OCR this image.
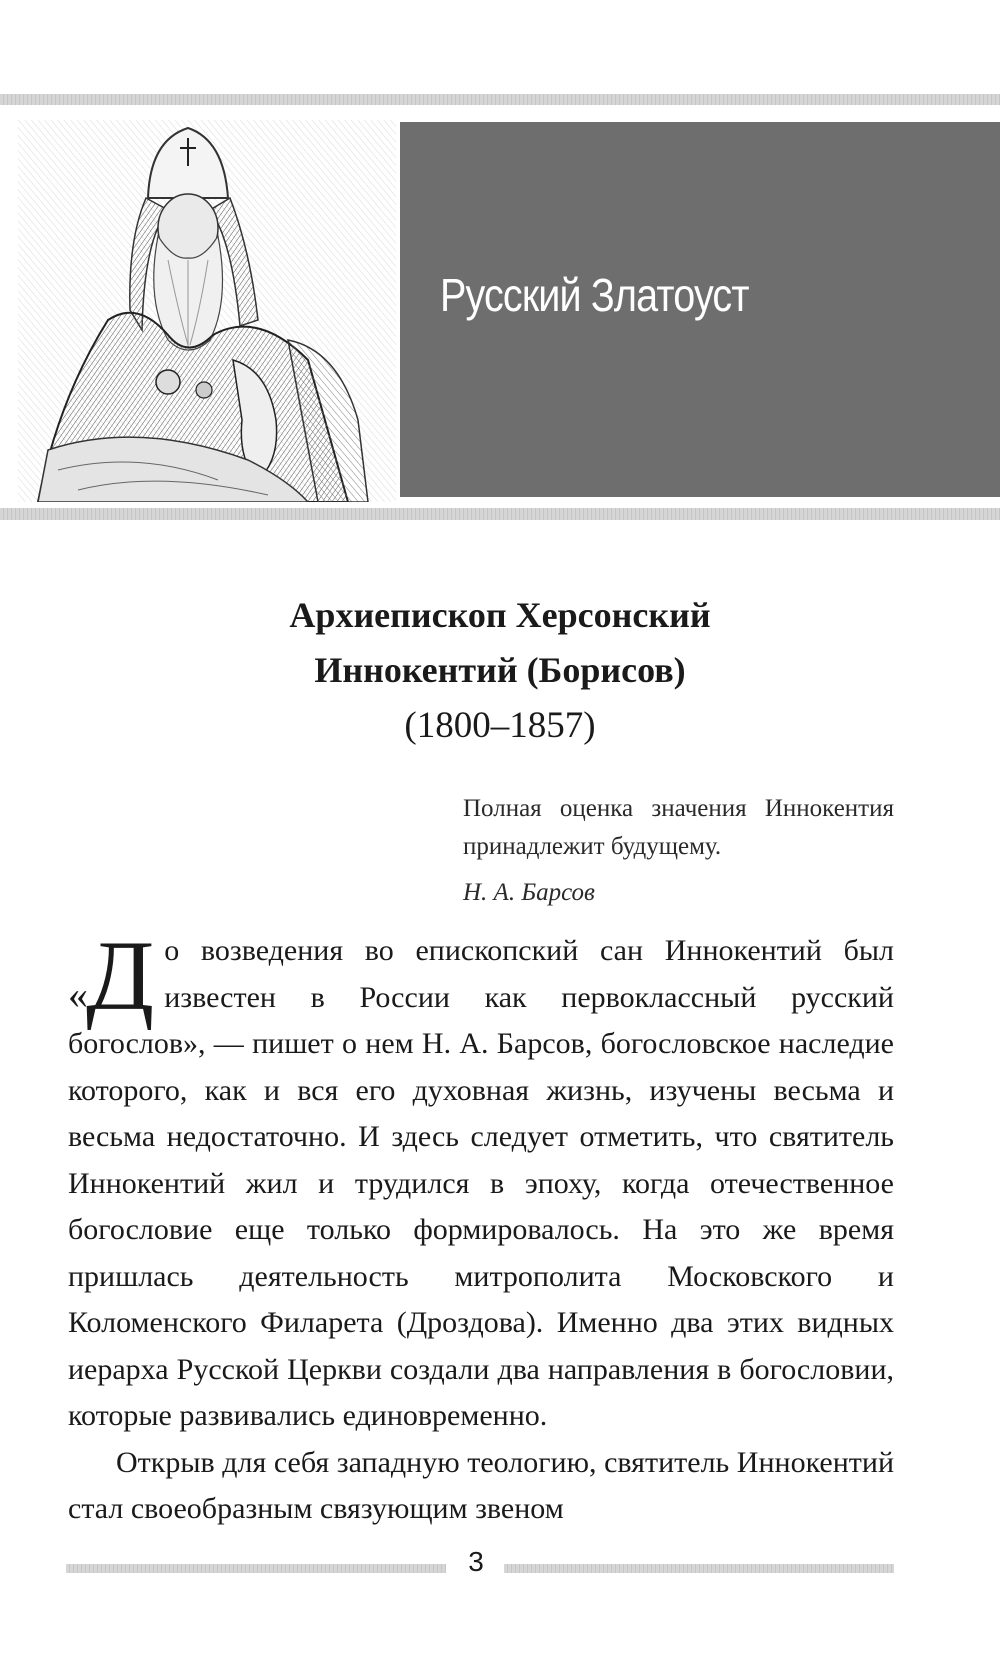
Русский Златоуст
Архиепископ Херсонский
Иннокентий (Борисов)
(1800–1857)

Полная оценка значения Иннокентия принадлежит будущему.

Н. А. Барсов

«
Д о возведения во епископский сан Иннокентий был известен в России как первоклассный русский богослов», — пишет о нем Н. А. Барсов, богословское наследие которого, как и вся его духовная жизнь, изучены весьма и весьма недостаточно. И здесь следует отметить, что святитель Иннокентий жил и трудился в эпоху, когда отечественное богословие еще только формировалось. На это же время пришлась деятельность митрополита Московского и Коломенского Филарета (Дроздова). Именно два этих видных иерарха Русской Церкви создали два направления в богословии, которые развивались единовременно.

Открыв для себя западную теологию, святитель Иннокентий стал своеобразным связующим звеном

3
